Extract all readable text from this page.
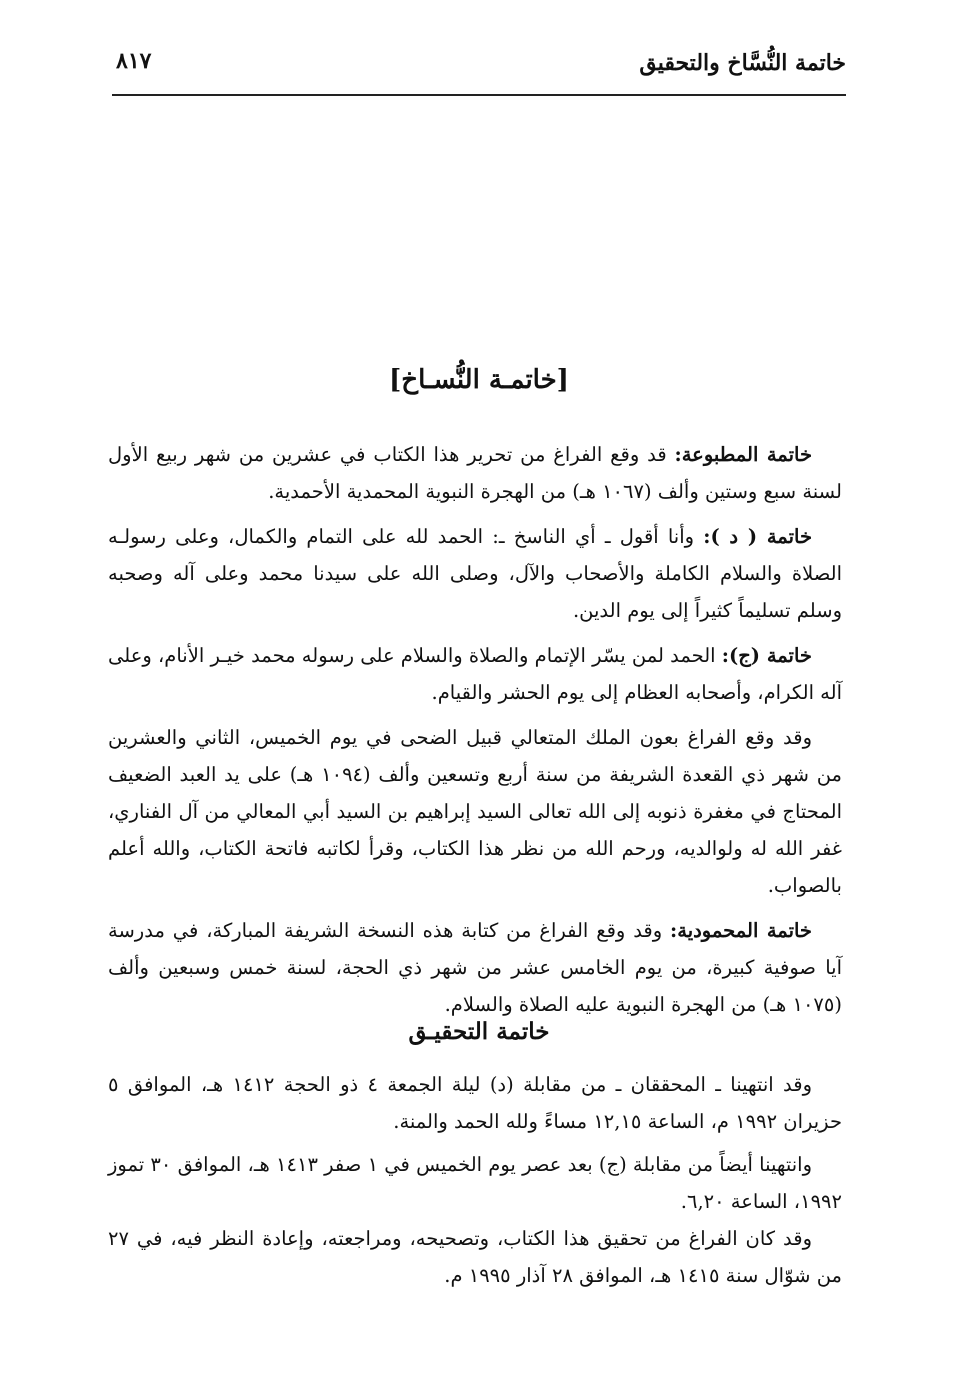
خاتمة النُّسَّاخ والتحقيق
٨١٧
[خاتمـة النُّسـاخ]

خاتمة المطبوعة: قد وقع الفراغ من تحرير هذا الكتاب في عشرين من شهر ربيع الأول لسنة سبع وستين وألف (١٠٦٧ هـ) من الهجرة النبوية المحمدية الأحمدية.

خاتمة ( د ): وأنا أقول ـ أي الناسخ ـ: الحمد لله على التمام والكمال، وعلى رسولـه الصلاة والسلام الكاملة والأصحاب والآل، وصلى الله على سيدنا محمد وعلى آله وصحبه وسلم تسليماً كثيراً إلى يوم الدين.

خاتمة (ج): الحمد لمن يسّر الإتمام والصلاة والسلام على رسوله محمد خيـر الأنام، وعلى آله الكرام، وأصحابه العظام إلى يوم الحشر والقيام.

وقد وقع الفراغ بعون الملك المتعالي قبيل الضحى في يوم الخميس، الثاني والعشرين من شهر ذي القعدة الشريفة من سنة أربع وتسعين وألف (١٠٩٤ هـ) على يد العبد الضعيف المحتاج في مغفرة ذنوبه إلى الله تعالى السيد إبراهيم بن السيد أبي المعالي من آل الفناري، غفر الله له ولوالديه، ورحم الله من نظر هذا الكتاب، وقرأ لكاتبه فاتحة الكتاب، والله أعلم بالصواب.

خاتمة المحمودية: وقد وقع الفراغ من كتابة هذه النسخة الشريفة المباركة، في مدرسة آيا صوفية كبيرة، من يوم الخامس عشر من شهر ذي الحجة، لسنة خمس وسبعين وألف (١٠٧٥ هـ) من الهجرة النبوية عليه الصلاة والسلام.

خاتمة التحقيـق

وقد انتهينا ـ المحققان ـ من مقابلة (د) ليلة الجمعة ٤ ذو الحجة ١٤١٢ هـ، الموافق ٥ حزيران ١٩٩٢ م، الساعة ١٢,١٥ مساءً ولله الحمد والمنة.

وانتهينا أيضاً من مقابلة (ج) بعد عصر يوم الخميس في ١ صفر ١٤١٣ هـ، الموافق ٣٠ تموز ١٩٩٢، الساعة ٦,٢٠.

وقد كان الفراغ من تحقيق هذا الكتاب، وتصحيحه، ومراجعته، وإعادة النظر فيه، في ٢٧ من شوّال سنة ١٤١٥ هـ، الموافق ٢٨ آذار ١٩٩٥ م.
